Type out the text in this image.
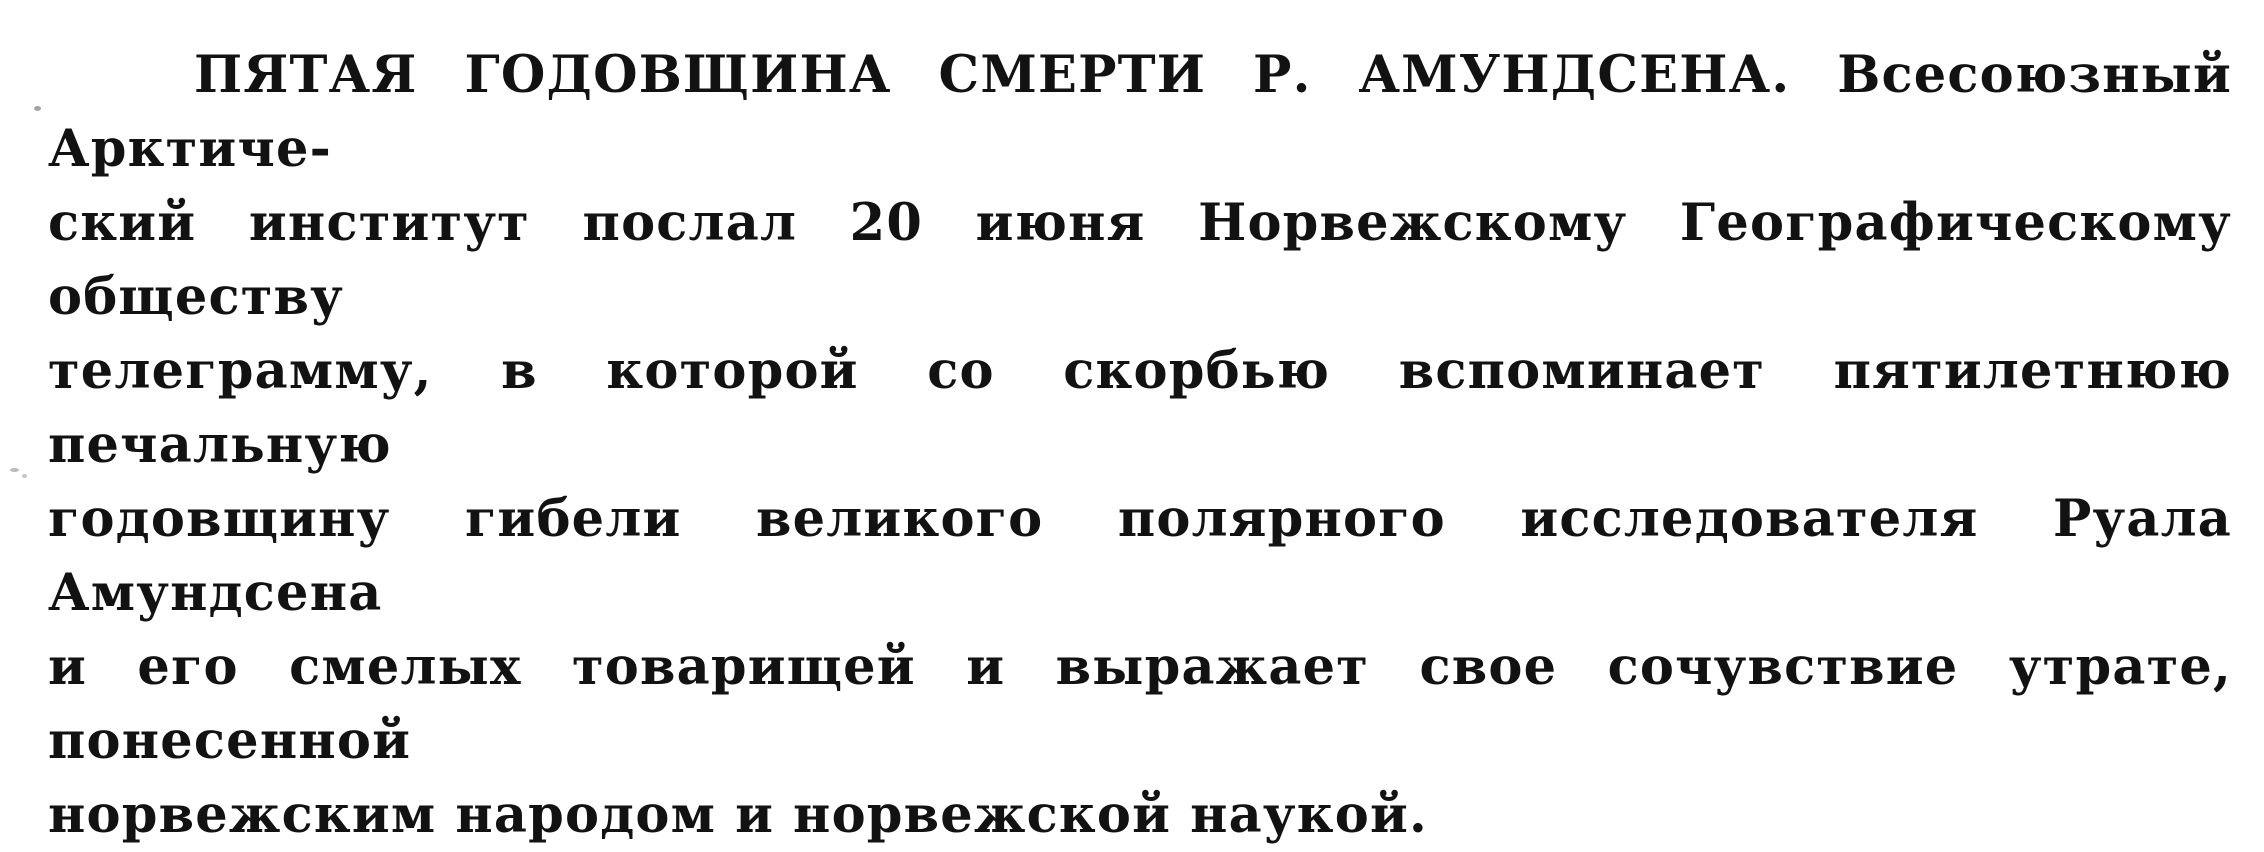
ПЯТАЯ ГОДОВЩИНА СМЕРТИ Р. АМУНДСЕНА. Всесоюзный Арктиче-
ский институт послал 20 июня Норвежскому Географическому обществу
телеграмму, в которой со скорбью вспоминает пятилетнюю печальную
годовщину гибели великого полярного исследователя Руала Амундсена
и его смелых товарищей и выражает свое сочувствие утрате, понесенной
норвежским народом и норвежской наукой.
